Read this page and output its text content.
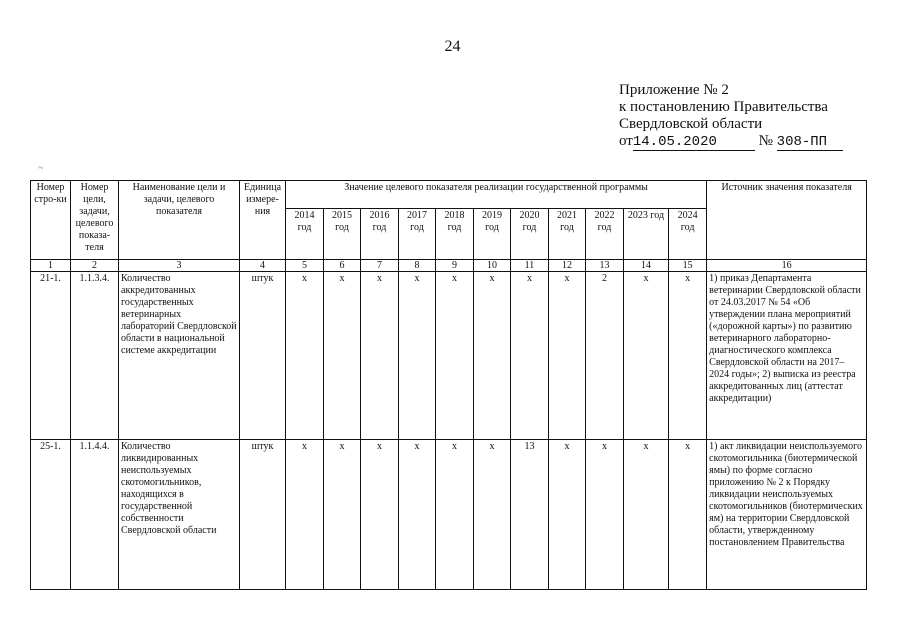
24
Приложение № 2
к постановлению Правительства
Свердловской области
от14.05.2020	№ 308-ПП
~
Номер стро-ки	Номер цели, задачи, целевого показа-теля	Наименование цели и задачи, целевого показателя	Единица измере-ния	Значение целевого показателя реализации государственной программы											Источник значения показателя
				2014 год	2015 год	2016 год	2017 год	2018 год	2019 год	2020 год	2021 год	2022 год	2023 год	2024 год	
1	2	3	4	5	6	7	8	9	10	11	12	13	14	15	16
21-1.	1.1.3.4.	Количество аккредитованных государственных ветеринарных лабораторий Свердловской области в национальной системе аккредитации	штук	x	x	x	x	x	x	x	x	2	x	x	1) приказ Департамента ветеринарии Свердловской области от 24.03.2017 № 54 «Об утверждении плана мероприятий («дорожной карты») по развитию ветеринарного лабораторно-диагностического комплекса Свердловской области на 2017–2024 годы»; 2) выписка из реестра аккредитованных лиц (аттестат аккредитации)
25-1.	1.1.4.4.	Количество ликвидированных неиспользуемых скотомогильников, находящихся в государственной собственности Свердловской области	штук	x	x	x	x	x	x	13	x	x	x	x	1) акт ликвидации неиспользуемого скотомогильника (биотермической ямы) по форме согласно приложению № 2 к Порядку ликвидации неиспользуемых скотомогильников (биотермических ям) на территории Свердловской области, утвержденному постановлением Правительства
